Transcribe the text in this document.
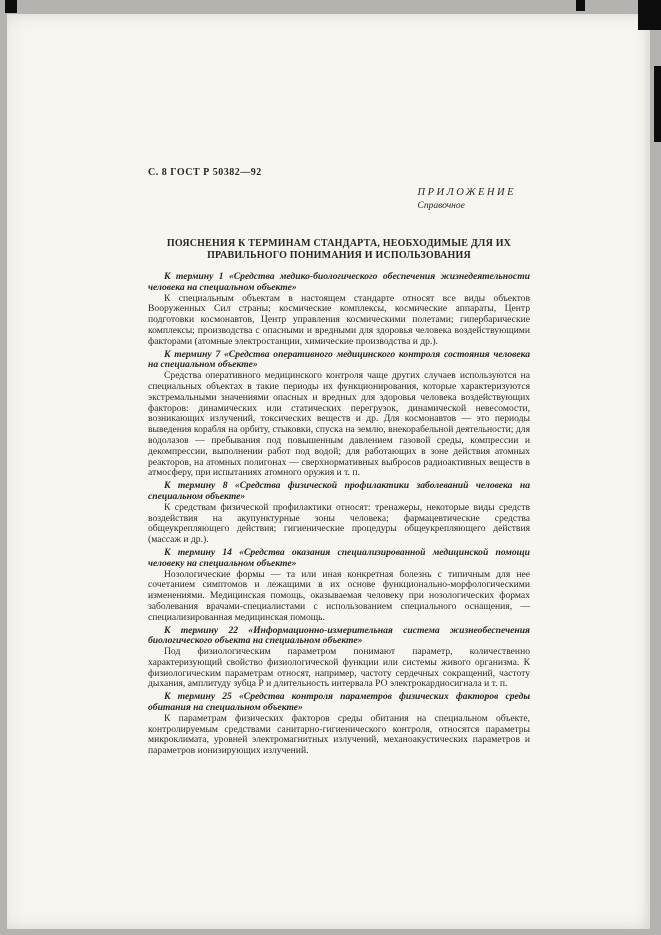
С. 8 ГОСТ Р 50382—92
ПРИЛОЖЕНИЕ
Справочное
ПОЯСНЕНИЯ К ТЕРМИНАМ СТАНДАРТА, НЕОБХОДИМЫЕ ДЛЯ ИХ ПРАВИЛЬНОГО ПОНИМАНИЯ И ИСПОЛЬЗОВАНИЯ

К термину 1 «Средства медико-биологического обеспечения жизнедеятельности человека на специальном объекте»

К специальным объектам в настоящем стандарте относят все виды объектов Вооруженных Сил страны; космические комплексы, космические аппараты, Центр подготовки космонавтов, Центр управления космическими полетами; гипербарические комплексы; производства с опасными и вредными для здоровья человека воздействующими факторами (атомные электростанции, химические производства и др.).

К термину 7 «Средства оперативного медицинского контроля состояния человека на специальном объекте»

Средства оперативного медицинского контроля чаще других случаев используются на специальных объектах в такие периоды их функционирования, которые характеризуются экстремальными значениями опасных и вредных для здоровья человека воздействующих факторов: динамических или статических перегрузок, динамической невесомости, возникающих излучений, токсических веществ и др. Для космонавтов — это периоды выведения корабля на орбиту, стыковки, спуска на землю, внекорабельной деятельности; для водолазов — пребывания под повышенным давлением газовой среды, компрессии и декомпрессии, выполнении работ под водой; для работающих в зоне действия атомных реакторов, на атомных полигонах — сверхнормативных выбросов радиоактивных веществ в атмосферу, при испытаниях атомного оружия и т. п.

К термину 8 «Средства физической профилактики заболеваний человека на специальном объекте»

К средствам физической профилактики относят: тренажеры, некоторые виды средств воздействия на акупунктурные зоны человека; фармацевтические средства общеукрепляющего действия; гигиенические процедуры общеукрепляющего действия (массаж и др.).

К термину 14 «Средства оказания специализированной медицинской помощи человеку на специальном объекте»

Нозологические формы — та или иная конкретная болезнь с типичным для нее сочетанием симптомов и лежащими в их основе функционально-морфологическими изменениями. Медицинская помощь, оказываемая человеку при нозологических формах заболевания врачами-специалистами с использованием специального оснащения, — специализированная медицинская помощь.

К термину 22 «Информационно-измерительная система жизнеобеспечения биологического объекта на специальном объекте»

Под физиологическим параметром понимают параметр, количественно характеризующий свойство физиологической функции или системы живого организма. К физиологическим параметрам относят, например, частоту сердечных сокращений, частоту дыхания, амплитуду зубца Р и длительность интервала РО электрокардиосигнала и т. п.

К термину 25 «Средства контроля параметров физических факторов среды обитания на специальном объекте»

К параметрам физических факторов среды обитания на специальном объекте, контролируемым средствами санитарно-гигиенического контроля, относятся параметры микроклимата, уровней электромагнитных излучений, механоакустических параметров и параметров ионизирующих излучений.
